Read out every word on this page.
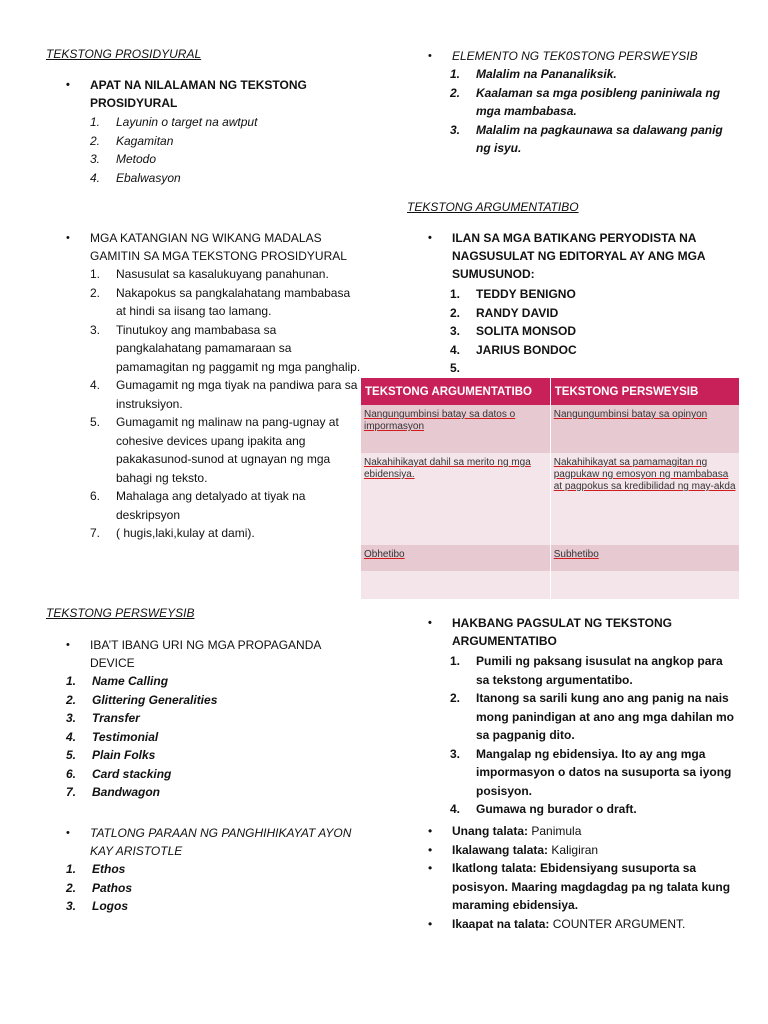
TEKSTONG PROSIDYURAL
•	APAT NA NILALAMAN NG TEKSTONG PROSIDYURAL
1. Layunin o target na awtput
2. Kagamitan
3. Metodo
4. Ebalwasyon
•	MGA KATANGIAN NG WIKANG MADALAS GAMITIN SA MGA TEKSTONG PROSIDYURAL
1. Nasusulat sa kasalukuyang panahunan.
2. Nakapokus sa pangkalahatang mambabasa at hindi sa iisang tao lamang.
3. Tinutukoy ang mambabasa sa pangkalahatang pamamaraan sa pamamagitan ng paggamit ng mga panghalip.
4. Gumagamit ng mga tiyak na pandiwa para sa instruksiyon.
5. Gumagamit ng malinaw na pang-ugnay at cohesive devices upang ipakita ang pakakasunod-sunod at ugnayan ng mga bahagi ng teksto.
6. Mahalaga ang detalyado at tiyak na deskripsyon
7. ( hugis,laki,kulay at dami).
TEKSTONG PERSWEYSIB
•	IBA’T IBANG URI NG MGA PROPAGANDA DEVICE
1. Name Calling
2. Glittering Generalities
3. Transfer
4. Testimonial
5. Plain Folks
6. Card stacking
7. Bandwagon
•	TATLONG PARAAN NG PANGHIHIKAYAT AYON KAY ARISTOTLE
1. Ethos
2. Pathos
3. Logos
•	ELEMENTO NG TEK0STONG PERSWEYSIB
1. Malalim na Pananaliksik.
2. Kaalaman sa mga posibleng paniniwala ng mga mambabasa.
3. Malalim na pagkaunawa sa dalawang panig ng isyu.
TEKSTONG ARGUMENTATIBO
•	ILAN SA MGA BATIKANG PERYODISTA NA NAGSUSULAT NG EDITORYAL AY ANG MGA SUMUSUNOD:
1. TEDDY BENIGNO
2. RANDY DAVID
3. SOLITA MONSOD
4. JARIUS BONDOC
5.
TEKSTONG ARGUMENTATIBO	TEKSTONG PERSWEYSIB
Nangungumbinsi batay sa datos o impormasyon	Nangungumbinsi batay sa opinyon
Nakahihikayat dahil sa merito ng mga ebidensiya.	Nakahihikayat sa pamamagitan ng pagpukaw ng emosyon ng mambabasa at pagpokus sa kredibilidad ng may-akda
Obhetibo	Subhetibo

•	HAKBANG PAGSULAT NG TEKSTONG ARGUMENTATIBO
1. Pumili ng paksang isusulat na angkop para sa tekstong argumentatibo.
2. Itanong sa sarili kung ano ang panig na nais mong panindigan at ano ang mga dahilan mo sa pagpanig dito.
3. Mangalap ng ebidensiya. Ito ay ang mga impormasyon o datos na susuporta sa iyong posisyon.
4. Gumawa ng burador o draft.
• Unang talata: Panimula
• Ikalawang talata: Kaligiran
• Ikatlong talata: Ebidensiyang susuporta sa posisyon. Maaring magdagdag pa ng talata kung maraming ebidensiya.
• Ikaapat na talata: COUNTER ARGUMENT.
